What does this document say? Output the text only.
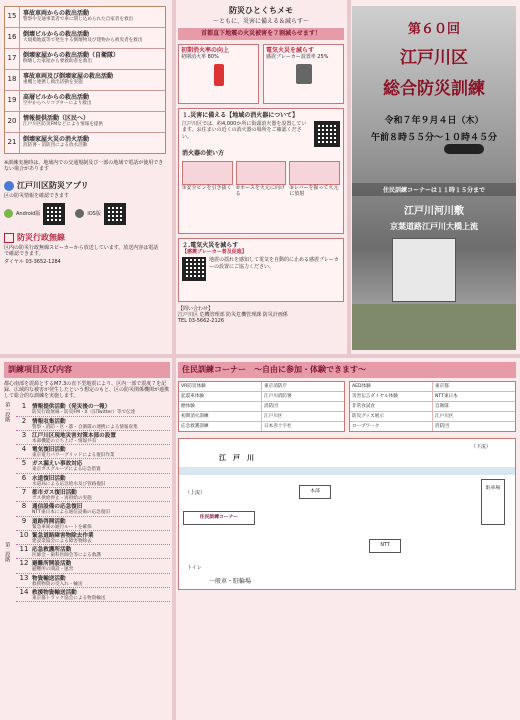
15	事故車両からの救出活動
警察や交通事業者で車に閉じ込められた自家者を救出
16	倒壊ビルからの救出活動
大規模地震等で発生する倒壊物及び建物から被災者を救出
17	倒壊家屋からの救出活動（自衛隊）
倒壊した家屋から要救助者を救出
18	事故車両及び倒壊家屋の救出活動
重機と連携し救出活動を実施
19	高層ビルからの救出活動
空中からヘリコプターにより救出
20	情報提供活動（区民へ）
江戸川区防災FMなどにより情報を提供
21	倒壊家屋火災の消火活動
消防署・消防団による放水活動
※訓練実施時は、地域内での交通規制及び一部の地域で電話が使用できない場合があります
江戸川区防災アプリ
区の防災情報を確認できます
Android版	iOS版
防災行政無線
区内の防災行政無線スピーカーから放送しています。放送内容は電話で確認できます。
ダイヤル 03-3652-1284
防災ひとくちメモ
～ともに、災害に備える＆減らす～
首都直下地震の火災被害を７割減らせます！
初期消火率の向上
初期消火率 80%
電気火災を減らす
感震ブレーカー設置率 25%
１.災害に備える【地域の消火器について】
江戸川区では、約4,000か所に街頭消火器を設置しています。お住まいの近くの消火器の場所をご確認ください。
消火器の使い方
①安全ピンを引き抜く ②ホースを火元に向ける
③レバーを握って火元に放射
２.電気火災を減らす
【感震ブレーカー普及促進】
地震の揺れを感知して電気を自動的に止める感震ブレーカーの設置にご協力ください。
【問い合わせ】
江戸川区 危機管理部 防災危機管理課 防災計画係
TEL 03-5662-2126
第６０回
江戸川区
総合防災訓練
令和７年９月４日（木）
午前８時５５分～１０時４５分
住民訓練コーナーは１１時１５分まで
江戸川河川敷
京葉道路江戸川大橋上流
訓練項目及び内容
都心南部を震源とするM7.3の直下型地震により、区内一部で震度７を記録、広域的な被害が発生したという想定のもと、区の防災関係機関が連携して総合的な訓練を実施します。
第一段階
第二段階
1	情報提供活動（発災後の一報）
防災行政無線・防災FM・X（旧Twitter）等で伝達
2	情報収集活動
警察・消防・区・都・自衛隊の連携による情報収集
3	江戸川区現地災害対策本部の設置
本部機能の立ち上げ・情報共有
4	電気復旧活動
東京電力パワーグリッドによる復旧作業
5	ガス漏えい事故対応
東京ガスグループによる応急措置
6	水道復旧活動
水道局による応急給水及び管路復旧
7	都市ガス復旧活動
ガス供給停止・再供給の実施
8	通信設備の応急復旧
NTT東日本による通信設備の応急復旧
9	道路啓開活動
緊急車両の通行ルートを確保
10 緊急道路障害物除去作業
建設業協会による障害物除去
11 応急救護所活動
医師会・歯科医師会等による救護
12 避難所開設活動
避難所の開設・運営
13 物資輸送活動
救援物資の受入れ・輸送
14 救援物資輸送活動
東京都トラック協会による物資輸送
住民訓練コーナー　～自由に参加・体験できます～
VR防災体験	東京消防庁
起震車体験	江戸川消防署
煙体験	消防団
初期消火訓練	江戸川区
応急救護訓練	日本赤十字社
AED体験	東京都
災害伝言ダイヤル体験	NTT東日本
非常食試食	自衛隊
防災グッズ展示	江戸川区
ロープワーク	消防団
（下流）
（上流）
江　戸　川
住民訓練コーナー
NTT
本部
駐車場
トイレ
一般車・駐輪場
